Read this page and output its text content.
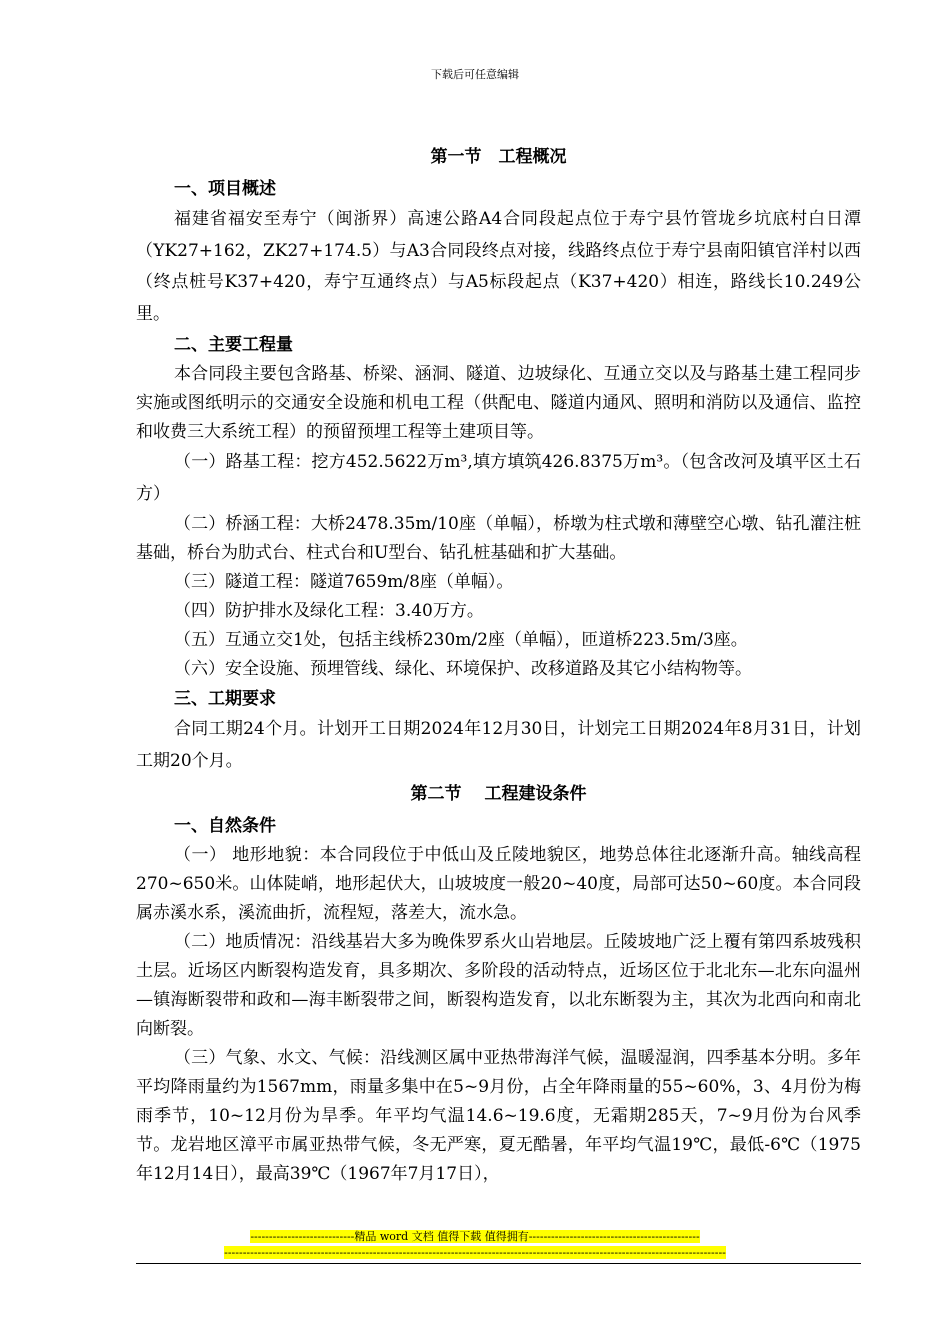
下载后可任意编辑
第一节　工程概况
一、项目概述
福建省福安至寿宁（闽浙界）高速公路A4合同段起点位于寿宁县竹管垅乡坑底村白日潭（YK27+162，ZK27+174.5）与A3合同段终点对接，线路终点位于寿宁县南阳镇官洋村以西（终点桩号K37+420，寿宁互通终点）与A5标段起点（K37+420）相连，路线长10.249公里。
二、主要工程量
本合同段主要包含路基、桥梁、涵洞、隧道、边坡绿化、互通立交以及与路基土建工程同步实施或图纸明示的交通安全设施和机电工程（供配电、隧道内通风、照明和消防以及通信、监控和收费三大系统工程）的预留预埋工程等土建项目等。
（一）路基工程：挖方452.5622万m³,填方填筑426.8375万m³。（包含改河及填平区土石方）
（二）桥涵工程：大桥2478.35m/10座（单幅），桥墩为柱式墩和薄壁空心墩、钻孔灌注桩基础，桥台为肋式台、柱式台和U型台、钻孔桩基础和扩大基础。
（三）隧道工程：隧道7659m/8座（单幅）。
（四）防护排水及绿化工程：3.40万方。
（五）互通立交1处，包括主线桥230m/2座（单幅），匝道桥223.5m/3座。
（六）安全设施、预埋管线、绿化、环境保护、改移道路及其它小结构物等。
三、工期要求
合同工期24个月。计划开工日期2024年12月30日，计划完工日期2024年8月31日，计划工期20个月。
第二节　 工程建设条件
一、自然条件
（一） 地形地貌：本合同段位于中低山及丘陵地貌区，地势总体往北逐渐升高。轴线高程270~650米。山体陡峭，地形起伏大，山坡坡度一般20~40度，局部可达50~60度。本合同段属赤溪水系，溪流曲折，流程短，落差大，流水急。
（二）地质情况：沿线基岩大多为晚侏罗系火山岩地层。丘陵坡地广泛上覆有第四系坡残积土层。近场区内断裂构造发育，具多期次、多阶段的活动特点，近场区位于北北东—北东向温州—镇海断裂带和政和—海丰断裂带之间，断裂构造发育，以北东断裂为主，其次为北西向和南北向断裂。
（三）气象、水文、气候：沿线测区属中亚热带海洋气候，温暖湿润，四季基本分明。多年平均降雨量约为1567mm，雨量多集中在5~9月份，占全年降雨量的55~60%，3、4月份为梅雨季节，10~12月份为旱季。年平均气温14.6~19.6度，无霜期285天，7~9月份为台风季节。龙岩地区漳平市属亚热带气候，冬无严寒，夏无酷暑，年平均气温19℃，最低-6℃（1975年12月14日），最高39℃（1967年7月17日），
----------------------------精品 word 文档 值得下载 值得拥有----------------------------------------------
---------------------------------------------------------------------------------------------------------------------------------------
